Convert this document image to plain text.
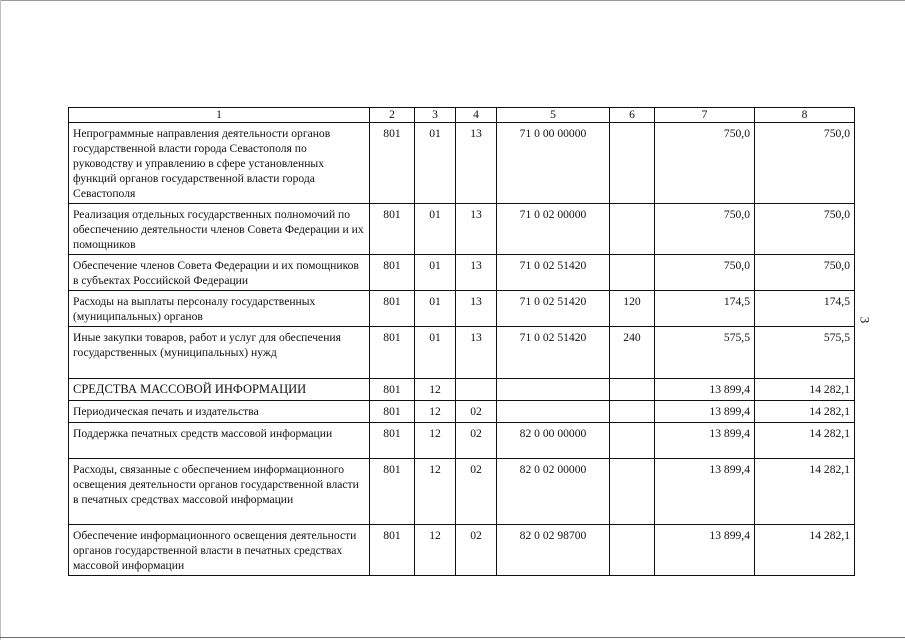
3
1	2	3	4	5	6	7	8
Непрограммные направления деятельности органов государственной власти города Севастополя по руководству и управлению в сфере установленных функций органов государственной власти города Севастополя	801	01	13	71 0 00 00000		750,0	750,0
Реализация отдельных государственных полномочий по обеспечению деятельности членов Совета Федерации и их помощников	801	01	13	71 0 02 00000		750,0	750,0
Обеспечение членов Совета Федерации и их помощников в субъектах Российской Федерации	801	01	13	71 0 02 51420		750,0	750,0
Расходы на выплаты персоналу государственных (муниципальных) органов	801	01	13	71 0 02 51420	120	174,5	174,5
Иные закупки товаров, работ и услуг для обеспечения государственных (муниципальных) нужд	801	01	13	71 0 02 51420	240	575,5	575,5
СРЕДСТВА МАССОВОЙ ИНФОРМАЦИИ	801	12				13 899,4	14 282,1
Периодическая печать и издательства	801	12	02			13 899,4	14 282,1
Поддержка печатных средств массовой информации	801	12	02	82 0 00 00000		13 899,4	14 282,1
Расходы, связанные с обеспечением информационного освещения деятельности органов государственной власти в печатных средствах массовой информации	801	12	02	82 0 02 00000		13 899,4	14 282,1
Обеспечение информационного освещения деятельности органов государственной власти в печатных средствах массовой информации	801	12	02	82 0 02 98700		13 899,4	14 282,1
